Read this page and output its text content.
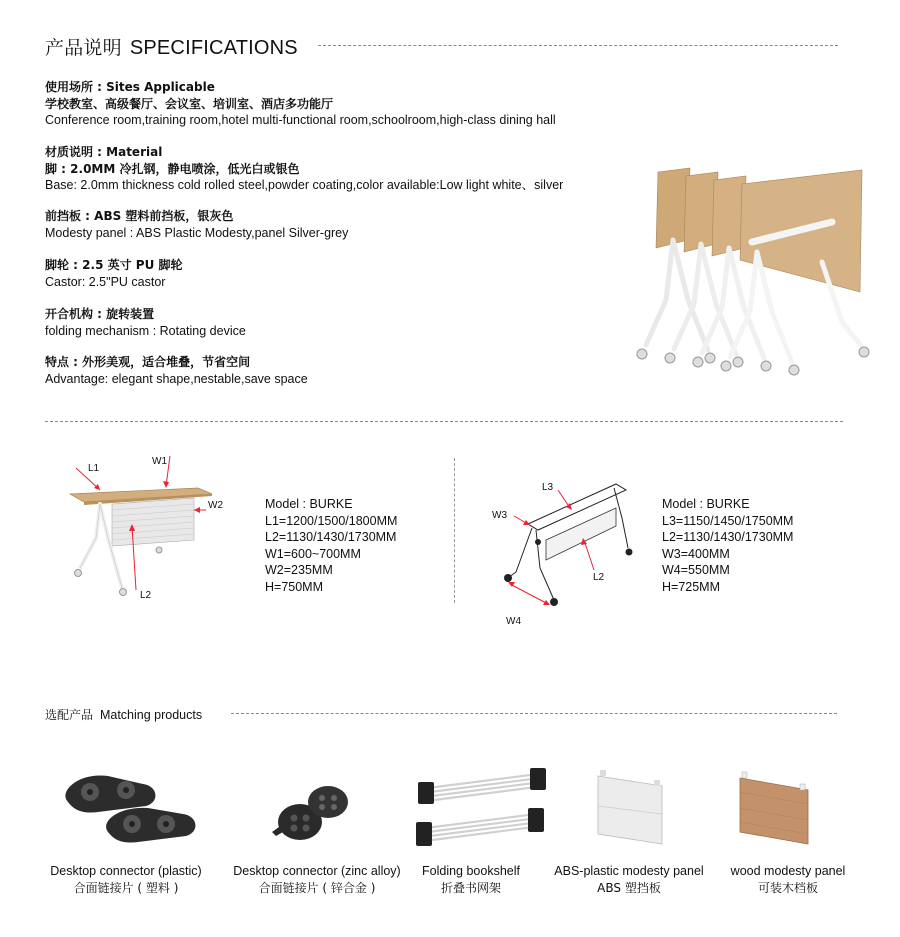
产品说明 SPECIFICATIONS
使用场所 : Sites Applicable
学校教室、高级餐厅、会议室、培训室、酒店多功能厅
Conference room,training room,hotel multi-functional room,schoolroom,high-class dining hall
材质说明 : Material
脚 : 2.0MM 冷扎钢，静电喷涂，低光白或银色
Base: 2.0mm thickness cold rolled steel,powder coating,color available:Low light white、silver
前挡板 : ABS 塑料前挡板，银灰色
Modesty panel : ABS Plastic Modesty,panel Silver-grey
脚轮 : 2.5 英寸 PU 脚轮
Castor: 2.5"PU castor
开合机构 : 旋转装置
folding mechanism : Rotating device
特点 : 外形美观，适合堆叠，节省空间
Advantage: elegant shape,nestable,save space
L1
W1
W2
L2
Model : BURKE
L1=1200/1500/1800MM
L2=1130/1430/1730MM
W1=600~700MM
W2=235MM
H=750MM
L3
W3
L2
W4
Model : BURKE
L3=1150/1450/1750MM
L2=1130/1430/1730MM
W3=400MM
W4=550MM
H=725MM
选配产品 Matching products
Desktop connector (plastic)
合面链接片 ( 塑料 )
Desktop connector (zinc alloy)
合面链接片 ( 锌合金 )
Folding bookshelf
折叠书网架
ABS-plastic modesty panel
ABS 塑挡板
wood modesty panel
可装木档板
